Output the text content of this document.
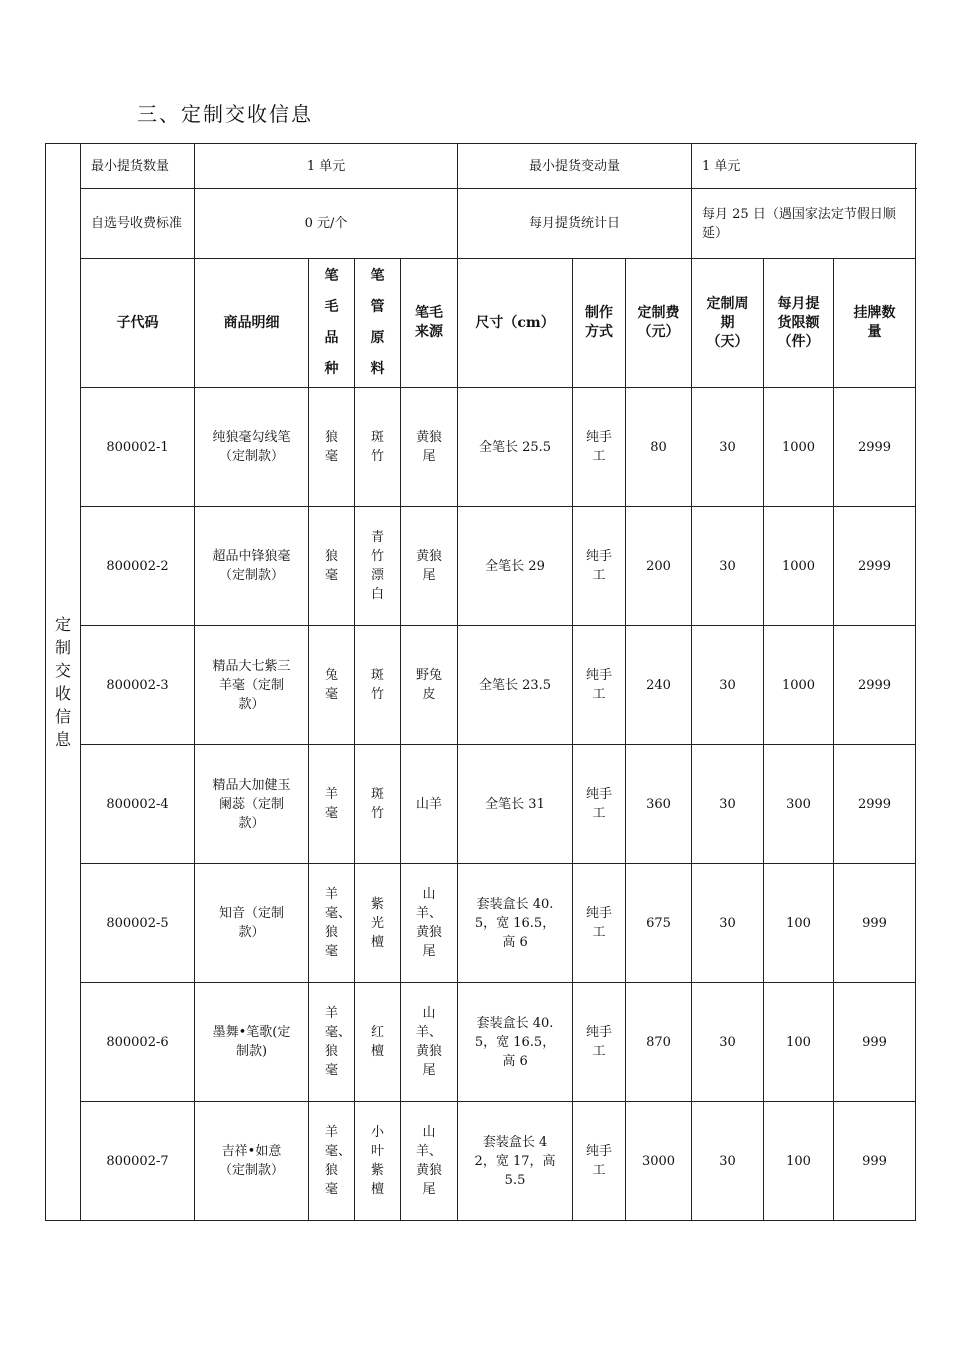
三、定制交收信息
定制交收信息	最小提货数量	1 单元				最小提货变动量			1 单元		
	自选号收费标准	0 元/个				每月提货统计日			每月 25 日（遇国家法定节假日顺延）		
	子代码	商品明细	笔毛品种	笔管原料	笔毛来源	尺寸（cm）	制作方式	定制费（元）	定制周期（天）	每月提货限额（件）	挂牌数量
	800002-1	纯狼毫勾线笔（定制款）	狼毫	斑竹	黄狼尾	全笔长 25.5	纯手工	80	30	1000	2999
	800002-2	超品中锋狼毫（定制款）	狼毫	青竹漂白	黄狼尾	全笔长 29	纯手工	200	30	1000	2999
	800002-3	精品大七紫三羊毫（定制款）	兔毫	斑竹	野兔皮	全笔长 23.5	纯手工	240	30	1000	2999
	800002-4	精品大加健玉阑蕊（定制款）	羊毫	斑竹	山羊	全笔长 31	纯手工	360	30	300	2999
	800002-5	知音（定制款）	羊毫、狼毫	紫光檀	山羊、黄狼尾	套装盒长 40.5，宽 16.5，高 6	纯手工	675	30	100	999
	800002-6	墨舞•笔歌(定制款)	羊毫、狼毫	红檀	山羊、黄狼尾	套装盒长 40.5，宽 16.5，高 6	纯手工	870	30	100	999
	800002-7	吉祥•如意（定制款）	羊毫、狼毫	小叶紫檀	山羊、黄狼尾	套装盒长 42，宽 17，高 5.5	纯手工	3000	30	100	999
